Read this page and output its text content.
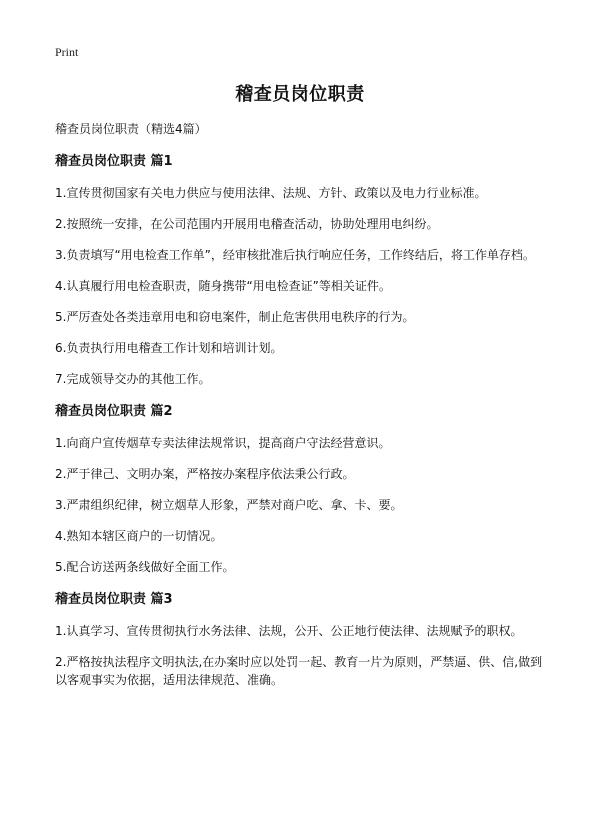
Print
稽查员岗位职责
稽查员岗位职责（精选4篇）
稽查员岗位职责 篇1
1.宣传贯彻国家有关电力供应与使用法律、法规、方针、政策以及电力行业标准。
2.按照统一安排，在公司范围内开展用电稽查活动，协助处理用电纠纷。
3.负责填写“用电检查工作单”，经审核批准后执行响应任务，工作终结后，将工作单存档。
4.认真履行用电检查职责，随身携带“用电检查证”等相关证件。
5.严厉查处各类违章用电和窃电案件，制止危害供用电秩序的行为。
6.负责执行用电稽查工作计划和培训计划。
7.完成领导交办的其他工作。
稽查员岗位职责 篇2
1.向商户宣传烟草专卖法律法规常识，提高商户守法经营意识。
2.严于律己、文明办案，严格按办案程序依法秉公行政。
3.严肃组织纪律，树立烟草人形象，严禁对商户吃、拿、卡、要。
4.熟知本辖区商户的一切情况。
5.配合访送两条线做好全面工作。
稽查员岗位职责 篇3
1.认真学习、宣传贯彻执行水务法律、法规，公开、公正地行使法律、法规赋予的职权。
2.严格按执法程序文明执法,在办案时应以处罚一起、教育一片为原则，严禁逼、供、信,做到以客观事实为依据，适用法律规范、准确。
